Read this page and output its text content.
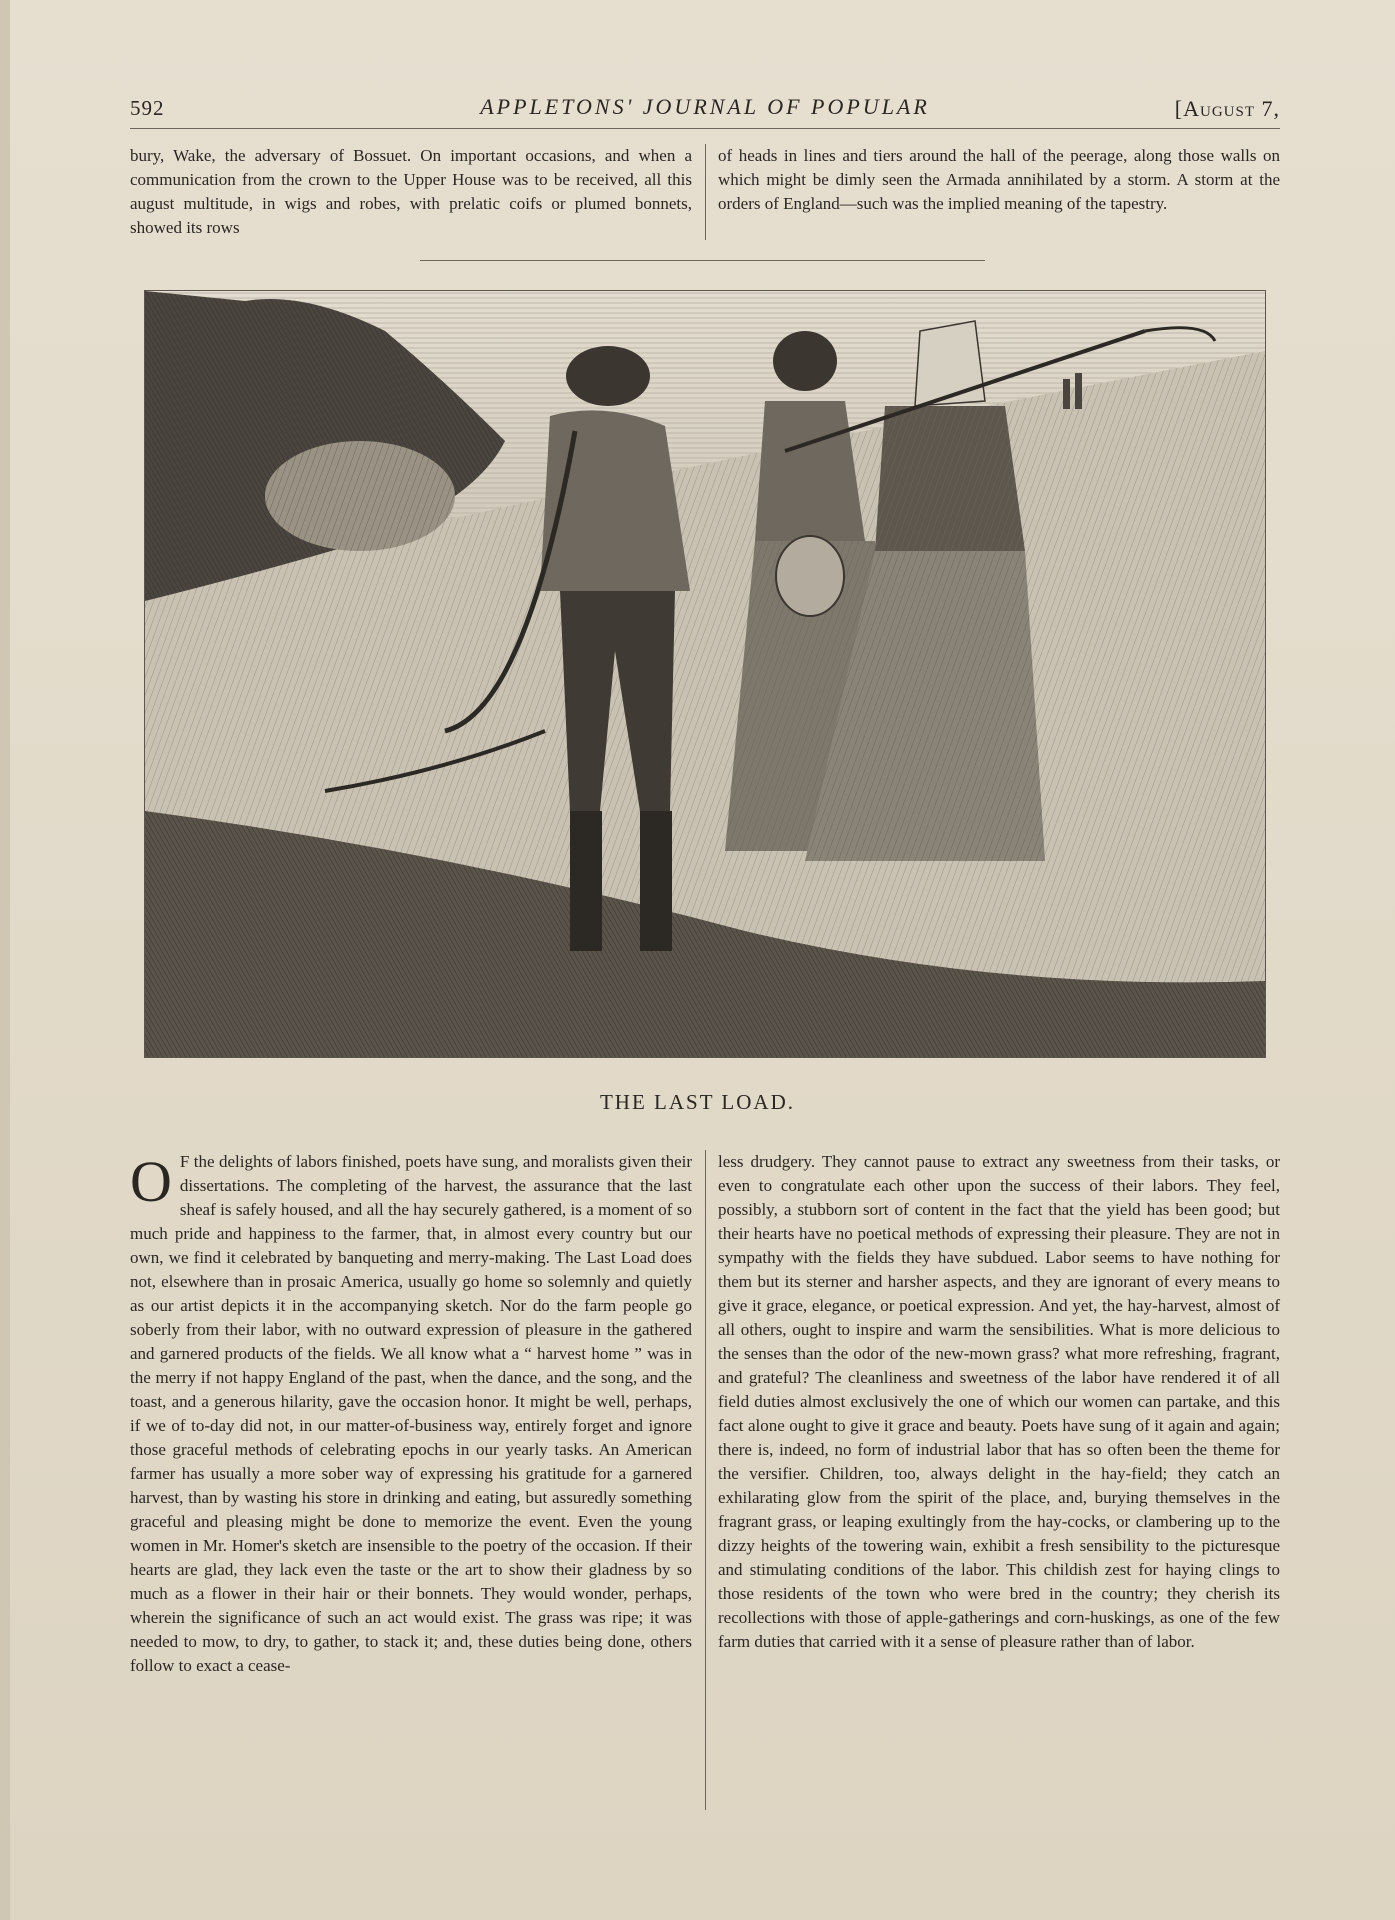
592	APPLETONS' JOURNAL OF POPULAR	[August 7,

bury, Wake, the adversary of Bossuet. On important occasions, and when a communication from the crown to the Upper House was to be received, all this august multitude, in wigs and robes, with prelatic coifs or plumed bonnets, showed its rows

of heads in lines and tiers around the hall of the peerage, along those walls on which might be dimly seen the Armada annihilated by a storm. A storm at the orders of England—such was the implied meaning of the tapestry.

THE LAST LOAD.
O F the delights of labors finished, poets have sung, and moralists given their dissertations. The completing of the harvest, the assurance that the last sheaf is safely housed, and all the hay securely gathered, is a moment of so much pride and happiness to the farmer, that, in almost every country but our own, we find it celebrated by banqueting and merry-making. The Last Load does not, elsewhere than in prosaic America, usually go home so solemnly and quietly as our artist depicts it in the accompanying sketch. Nor do the farm people go soberly from their labor, with no outward expression of pleasure in the gathered and garnered products of the fields. We all know what a “ harvest home ” was in the merry if not happy England of the past, when the dance, and the song, and the toast, and a generous hilarity, gave the occasion honor. It might be well, perhaps, if we of to-day did not, in our matter-of-business way, entirely forget and ignore those graceful methods of celebrating epochs in our yearly tasks. An American farmer has usually a more sober way of expressing his gratitude for a garnered harvest, than by wasting his store in drinking and eating, but assuredly something graceful and pleasing might be done to memorize the event. Even the young women in Mr. Homer's sketch are insensible to the poetry of the occasion. If their hearts are glad, they lack even the taste or the art to show their gladness by so much as a flower in their hair or their bonnets. They would wonder, perhaps, wherein the significance of such an act would exist. The grass was ripe; it was needed to mow, to dry, to gather, to stack it; and, these duties being done, others follow to exact a cease-

less drudgery. They cannot pause to extract any sweetness from their tasks, or even to congratulate each other upon the success of their labors. They feel, possibly, a stubborn sort of content in the fact that the yield has been good; but their hearts have no poetical methods of expressing their pleasure. They are not in sympathy with the fields they have subdued. Labor seems to have nothing for them but its sterner and harsher aspects, and they are ignorant of every means to give it grace, elegance, or poetical expression. And yet, the hay-harvest, almost of all others, ought to inspire and warm the sensibilities. What is more delicious to the senses than the odor of the new-mown grass? what more refreshing, fragrant, and grateful? The cleanliness and sweetness of the labor have rendered it of all field duties almost exclusively the one of which our women can partake, and this fact alone ought to give it grace and beauty. Poets have sung of it again and again; there is, indeed, no form of industrial labor that has so often been the theme for the versifier. Children, too, always delight in the hay-field; they catch an exhilarating glow from the spirit of the place, and, burying themselves in the fragrant grass, or leaping exultingly from the hay-cocks, or clambering up to the dizzy heights of the towering wain, exhibit a fresh sensibility to the picturesque and stimulating conditions of the labor. This childish zest for haying clings to those residents of the town who were bred in the country; they cherish its recollections with those of apple-gatherings and corn-huskings, as one of the few farm duties that carried with it a sense of pleasure rather than of labor.
